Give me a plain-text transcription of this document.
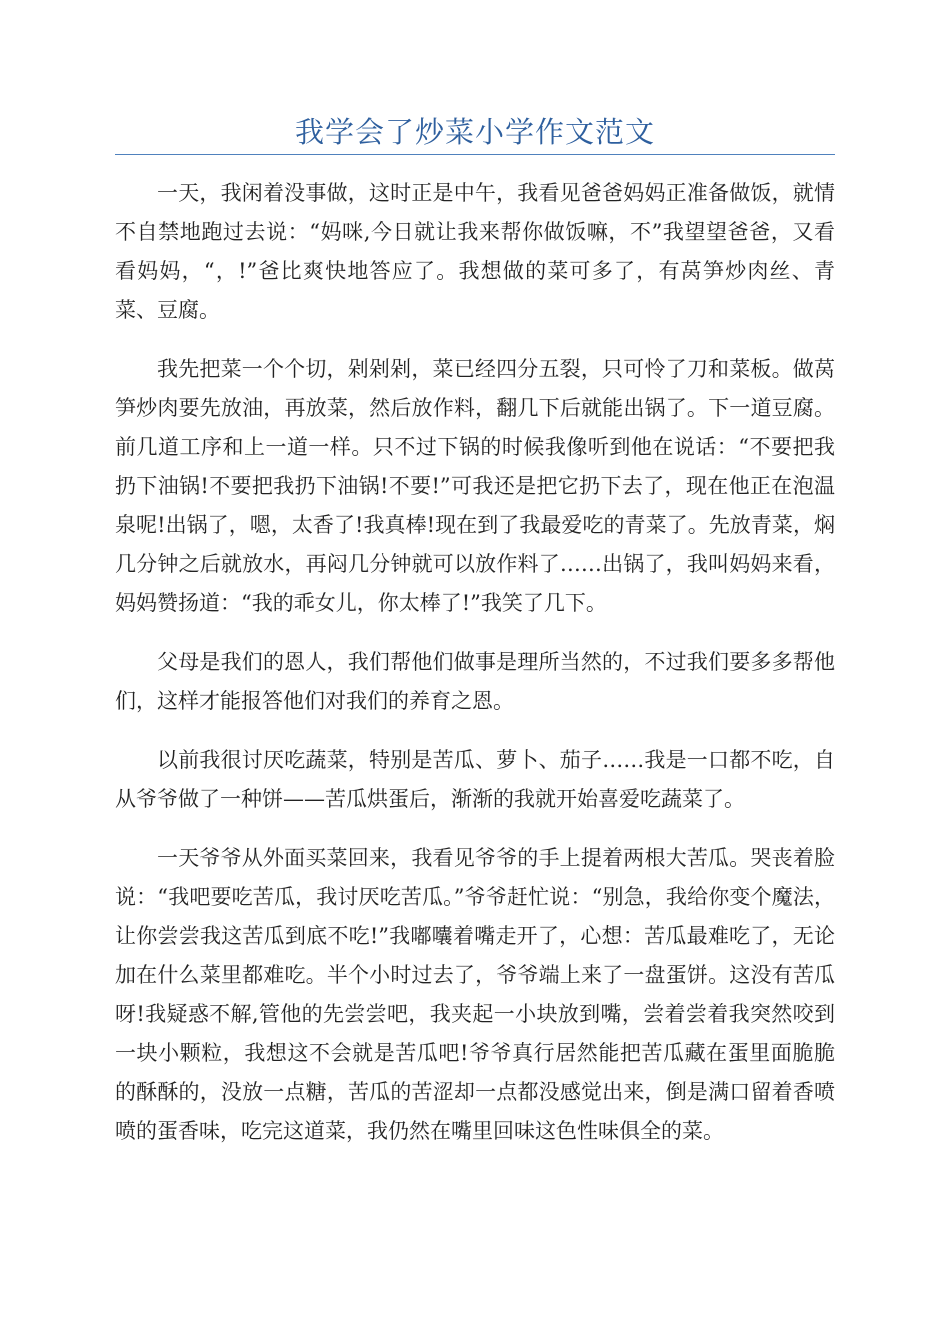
我学会了炒菜小学作文范文

一天，我闲着没事做，这时正是中午，我看见爸爸妈妈正准备做饭，就情不自禁地跑过去说：“妈咪,今日就让我来帮你做饭嘛，不”我望望爸爸，又看看妈妈，“，!”爸比爽快地答应了。我想做的菜可多了，有莴笋炒肉丝、青菜、豆腐。

我先把菜一个个切，剁剁剁，菜已经四分五裂，只可怜了刀和菜板。做莴笋炒肉要先放油，再放菜，然后放作料，翻几下后就能出锅了。下一道豆腐。前几道工序和上一道一样。只不过下锅的时候我像听到他在说话：“不要把我扔下油锅!不要把我扔下油锅!不要!”可我还是把它扔下去了，现在他正在泡温泉呢!出锅了，嗯，太香了!我真棒!现在到了我最爱吃的青菜了。先放青菜，焖几分钟之后就放水，再闷几分钟就可以放作料了……出锅了，我叫妈妈来看，妈妈赞扬道：“我的乖女儿，你太棒了!”我笑了几下。

父母是我们的恩人，我们帮他们做事是理所当然的，不过我们要多多帮他们，这样才能报答他们对我们的养育之恩。

以前我很讨厌吃蔬菜，特别是苦瓜、萝卜、茄子……我是一口都不吃，自从爷爷做了一种饼——苦瓜烘蛋后，渐渐的我就开始喜爱吃蔬菜了。

一天爷爷从外面买菜回来，我看见爷爷的手上提着两根大苦瓜。哭丧着脸说：“我吧要吃苦瓜，我讨厌吃苦瓜。”爷爷赶忙说：“别急，我给你变个魔法，让你尝尝我这苦瓜到底不吃!”我嘟囔着嘴走开了，心想：苦瓜最难吃了，无论加在什么菜里都难吃。半个小时过去了，爷爷端上来了一盘蛋饼。这没有苦瓜呀!我疑惑不解,管他的先尝尝吧，我夹起一小块放到嘴，尝着尝着我突然咬到一块小颗粒，我想这不会就是苦瓜吧!爷爷真行居然能把苦瓜藏在蛋里面脆脆的酥酥的，没放一点糖，苦瓜的苦涩却一点都没感觉出来，倒是满口留着香喷喷的蛋香味，吃完这道菜，我仍然在嘴里回味这色性味俱全的菜。
